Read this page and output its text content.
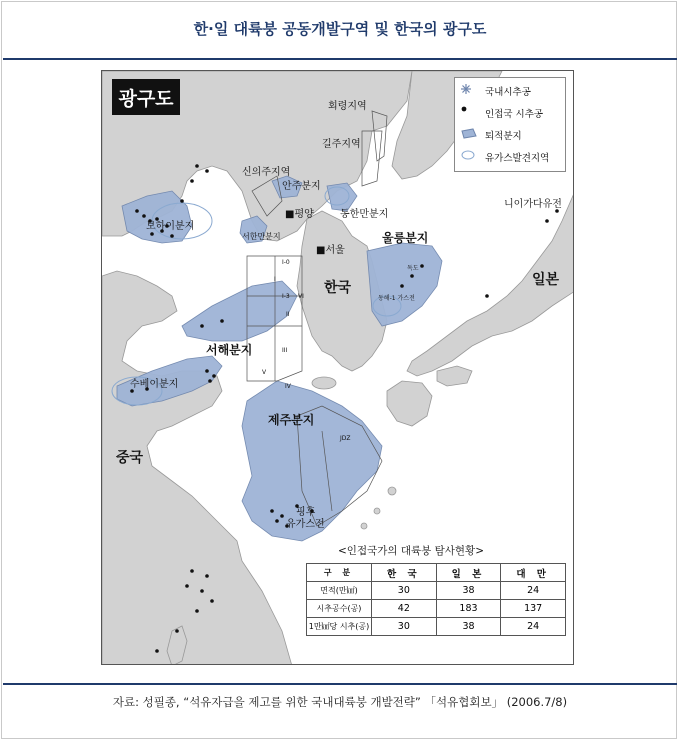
한·일 대륙붕 공동개발구역 및 한국의 광구도
광구도	국내시추공
인접국 시추공
퇴적분지
유가스발견지역
회령지역
길주지역
신의주지역
안주분지
■평양
서한만분지
동한만분지
보하이분지
■서울
울릉분지
독도
동해-1 가스전
니이가다유전
한국	일본
중국
서해분지
수베이분지
제주분지
핑후
유가스전
JDZ
I-0
I
I-3
II
III
IV
V
VI
<인접국가의 대륙붕 탐사현황>
구 분	한 국	일 본	대 만
면적(만㎢)	30	38	24
시추공수(공)	42	183	137
1만㎢당 시추(공)	30	38	24
자료: 성필종, “석유자급을 제고를 위한 국내대륙붕 개발전략” 「석유협회보」 (2006.7/8)
